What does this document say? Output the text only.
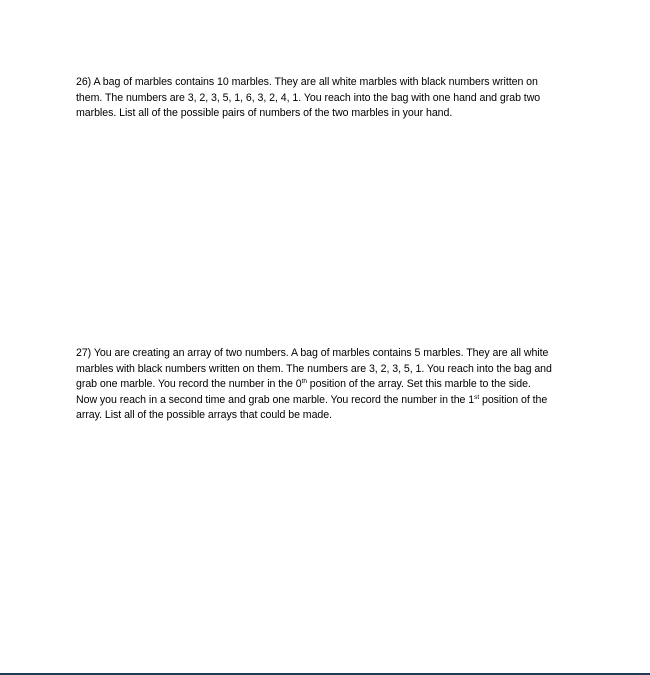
26) A bag of marbles contains 10 marbles. They are all white marbles with black numbers written on
them. The numbers are 3, 2, 3, 5, 1, 6, 3, 2, 4, 1. You reach into the bag with one hand and grab two
marbles. List all of the possible pairs of numbers of the two marbles in your hand.
27) You are creating an array of two numbers. A bag of marbles contains 5 marbles. They are all white
marbles with black numbers written on them. The numbers are 3, 2, 3, 5, 1. You reach into the bag and
grab one marble. You record the number in the 0th position of the array. Set this marble to the side.
Now you reach in a second time and grab one marble. You record the number in the 1st position of the
array. List all of the possible arrays that could be made.
